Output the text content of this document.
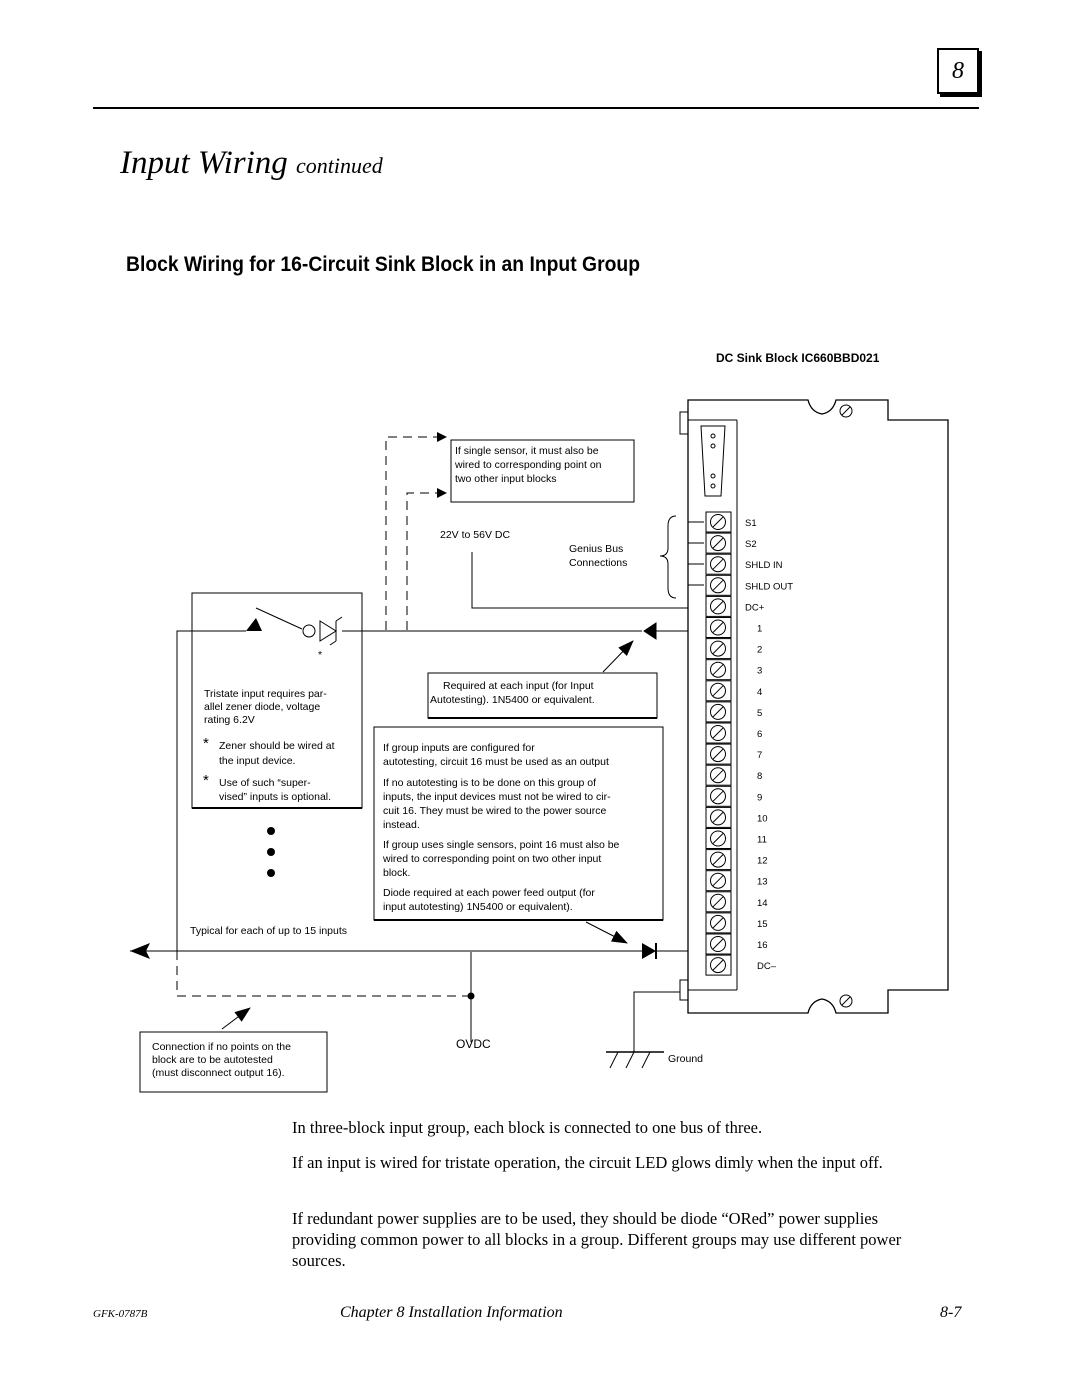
8
Input Wiring continued
Block Wiring for 16-Circuit Sink Block in an Input Group
DC Sink Block IC660BBD021
S1
S2
SHLD IN
SHLD OUT
DC+
1
2
3
4
5
6
7
8
9
10
11
12
13
14
15
16
DC–
If single sensor, it must also be wired to corresponding point on two other input blocks
22V to 56V DC
Genius Bus Connections
*
Tristate input requires par- allel zener diode, voltage rating 6.2V
* Zener should be wired at the input device.
* Use of such “super- vised” inputs is optional.
Required at each input (for Input Autotesting). 1N5400 or equivalent.
If group inputs are configured for autotesting, circuit 16 must be used as an output If no autotesting is to be done on this group of inputs, the input devices must not be wired to cir- cuit 16. They must be wired to the power source instead. If group uses single sensors, point 16 must also be wired to corresponding point on two other input block. Diode required at each power feed output (for input autotesting) 1N5400 or equivalent).
Typical for each of up to 15 inputs
OVDC
Connection if no points on the block are to be autotested (must disconnect output 16).
Ground
In three-block input group, each block is connected to one bus of three.
If an input is wired for tristate operation, the circuit LED glows dimly when the input off.
If redundant power supplies are to be used, they should be diode “ORed” power supplies providing common power to all blocks in a group. Different groups may use different power sources.
GFK-0787B	Chapter 8 Installation Information	8-7
